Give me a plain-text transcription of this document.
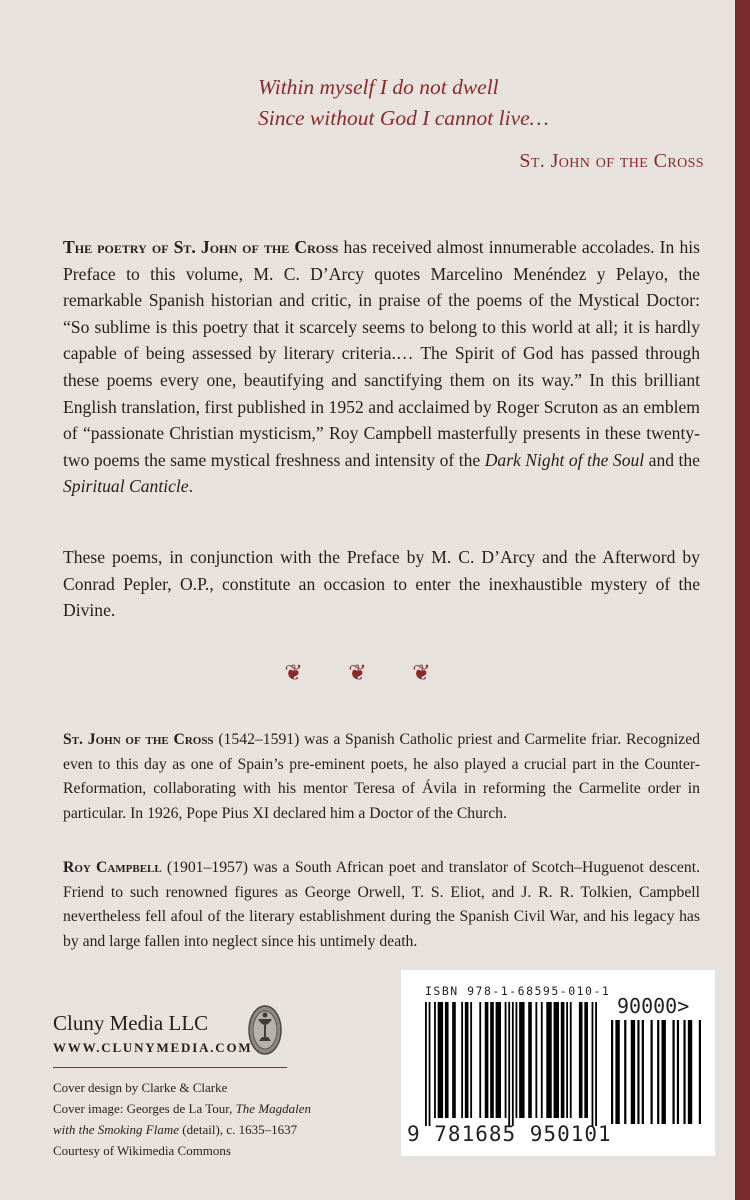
Within myself I do not dwell
Since without God I cannot live…
St. John of the Cross

The poetry of St. John of the Cross has received almost innumerable accolades. In his Preface to this volume, M. C. D’Arcy quotes Marcelino Menéndez y Pelayo, the remarkable Spanish historian and critic, in praise of the poems of the Mystical Doctor: “So sublime is this poetry that it scarcely seems to belong to this world at all; it is hardly capable of being assessed by literary criteria.… The Spirit of God has passed through these poems every one, beautifying and sanctifying them on its way.” In this brilliant English translation, first published in 1952 and acclaimed by Roger Scruton as an emblem of “passionate Christian mysticism,” Roy Campbell masterfully presents in these twenty-two poems the same mystical freshness and intensity of the Dark Night of the Soul and the Spiritual Canticle.

These poems, in conjunction with the Preface by M. C. D’Arcy and the Afterword by Conrad Pepler, O.P., constitute an occasion to enter the inexhaustible mystery of the Divine.

❦ ❦ ❦

St. John of the Cross (1542–1591) was a Spanish Catholic priest and Carmelite friar. Recognized even to this day as one of Spain’s pre-eminent poets, he also played a crucial part in the Counter-Reformation, collaborating with his mentor Teresa of Ávila in reforming the Carmelite order in particular. In 1926, Pope Pius XI declared him a Doctor of the Church.

Roy Campbell (1901–1957) was a South African poet and translator of Scotch–Huguenot descent. Friend to such renowned figures as George Orwell, T. S. Eliot, and J. R. R. Tolkien, Campbell nevertheless fell afoul of the literary establishment during the Spanish Civil War, and his legacy has by and large fallen into neglect since his untimely death.

Cluny Media LLC
WWW.CLUNYMEDIA.COM
Cover design by Clarke & Clarke
Cover image: Georges de La Tour, The Magdalen
with the Smoking Flame (detail), c. 1635–1637
Courtesy of Wikimedia Commons
ISBN 978-1-68595-010-1
90000>
9 781685 950101
